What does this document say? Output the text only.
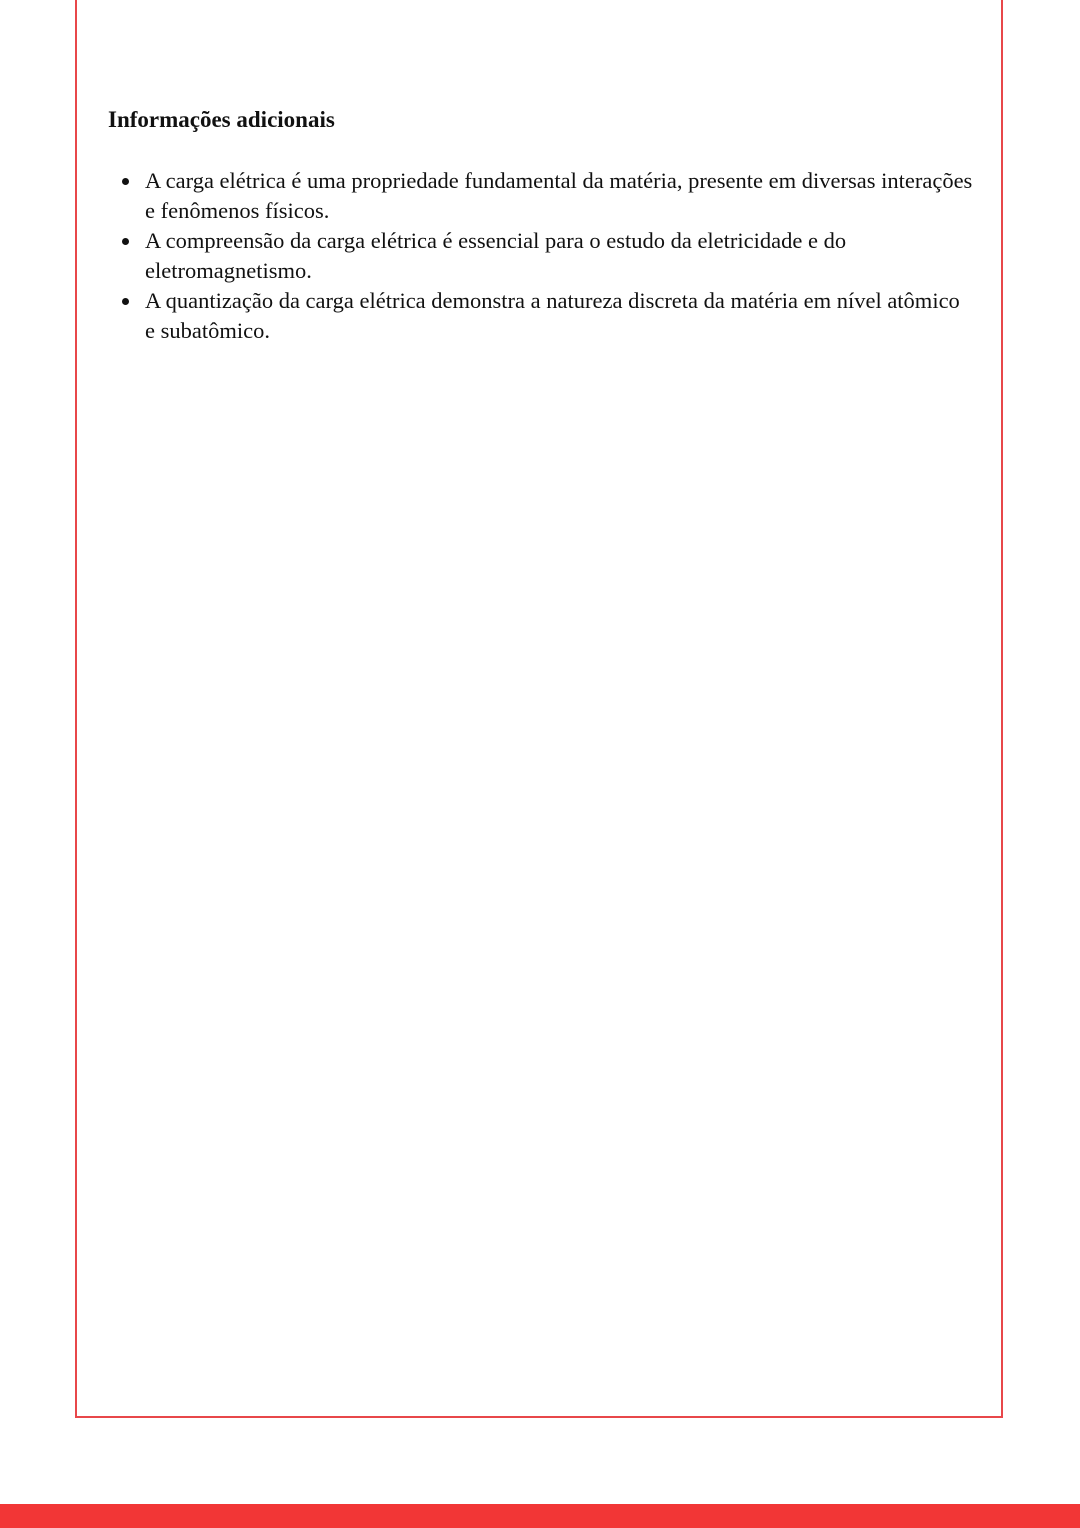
Informações adicionais
A carga elétrica é uma propriedade fundamental da matéria, presente em diversas interações e fenômenos físicos.
A compreensão da carga elétrica é essencial para o estudo da eletricidade e do eletromagnetismo.
A quantização da carga elétrica demonstra a natureza discreta da matéria em nível atômico e subatômico.
